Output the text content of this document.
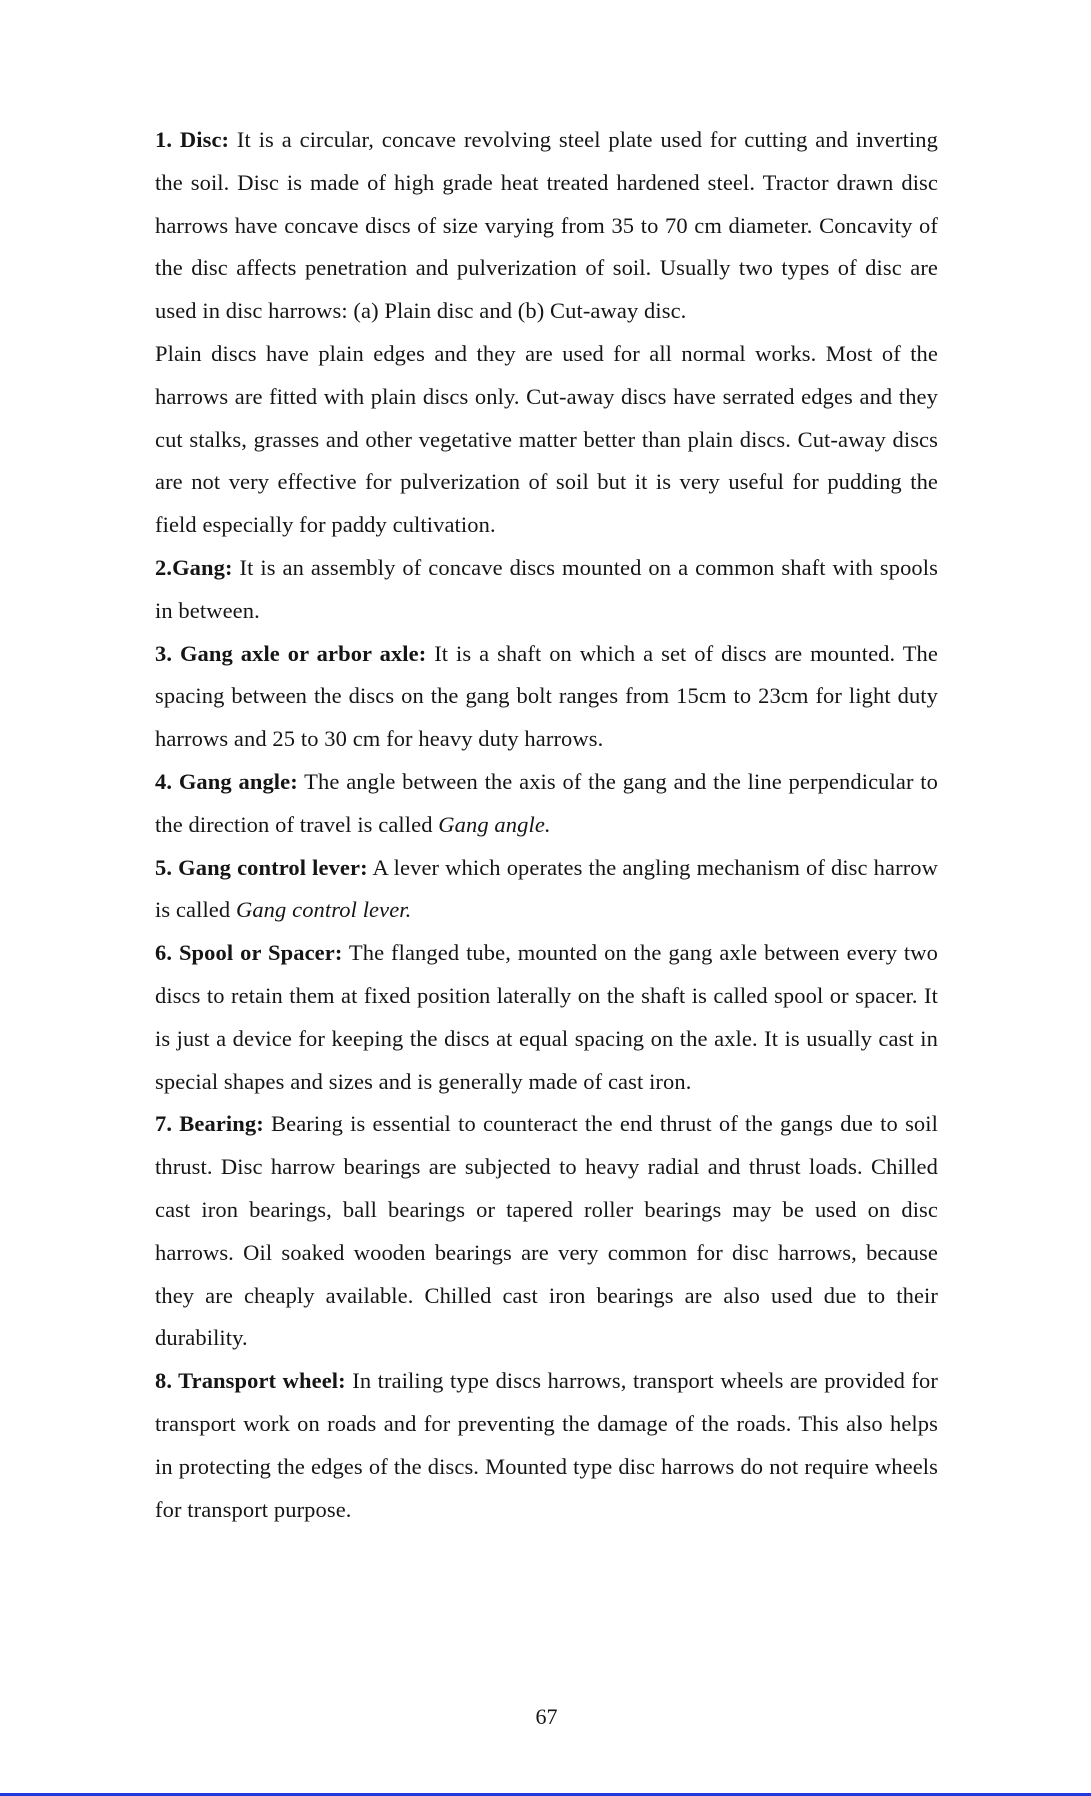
1. Disc: It is a circular, concave revolving steel plate used for cutting and inverting the soil. Disc is made of high grade heat treated hardened steel. Tractor drawn disc harrows have concave discs of size varying from 35 to 70 cm diameter. Concavity of the disc affects penetration and pulverization of soil. Usually two types of disc are used in disc harrows: (a) Plain disc and (b) Cut-away disc.

Plain discs have plain edges and they are used for all normal works. Most of the harrows are fitted with plain discs only. Cut-away discs have serrated edges and they cut stalks, grasses and other vegetative matter better than plain discs. Cut-away discs are not very effective for pulverization of soil but it is very useful for pudding the field especially for paddy cultivation.

2.Gang: It is an assembly of concave discs mounted on a common shaft with spools in between.

3. Gang axle or arbor axle: It is a shaft on which a set of discs are mounted. The spacing between the discs on the gang bolt ranges from 15cm to 23cm for light duty harrows and 25 to 30 cm for heavy duty harrows.

4. Gang angle: The angle between the axis of the gang and the line perpendicular to the direction of travel is called Gang angle.

5. Gang control lever: A lever which operates the angling mechanism of disc harrow is called Gang control lever.

6. Spool or Spacer: The flanged tube, mounted on the gang axle between every two discs to retain them at fixed position laterally on the shaft is called spool or spacer. It is just a device for keeping the discs at equal spacing on the axle. It is usually cast in special shapes and sizes and is generally made of cast iron.

7. Bearing: Bearing is essential to counteract the end thrust of the gangs due to soil thrust. Disc harrow bearings are subjected to heavy radial and thrust loads. Chilled cast iron bearings, ball bearings or tapered roller bearings may be used on disc harrows. Oil soaked wooden bearings are very common for disc harrows, because they are cheaply available. Chilled cast iron bearings are also used due to their durability.

8. Transport wheel: In trailing type discs harrows, transport wheels are provided for transport work on roads and for preventing the damage of the roads. This also helps in protecting the edges of the discs. Mounted type disc harrows do not require wheels for transport purpose.

67
